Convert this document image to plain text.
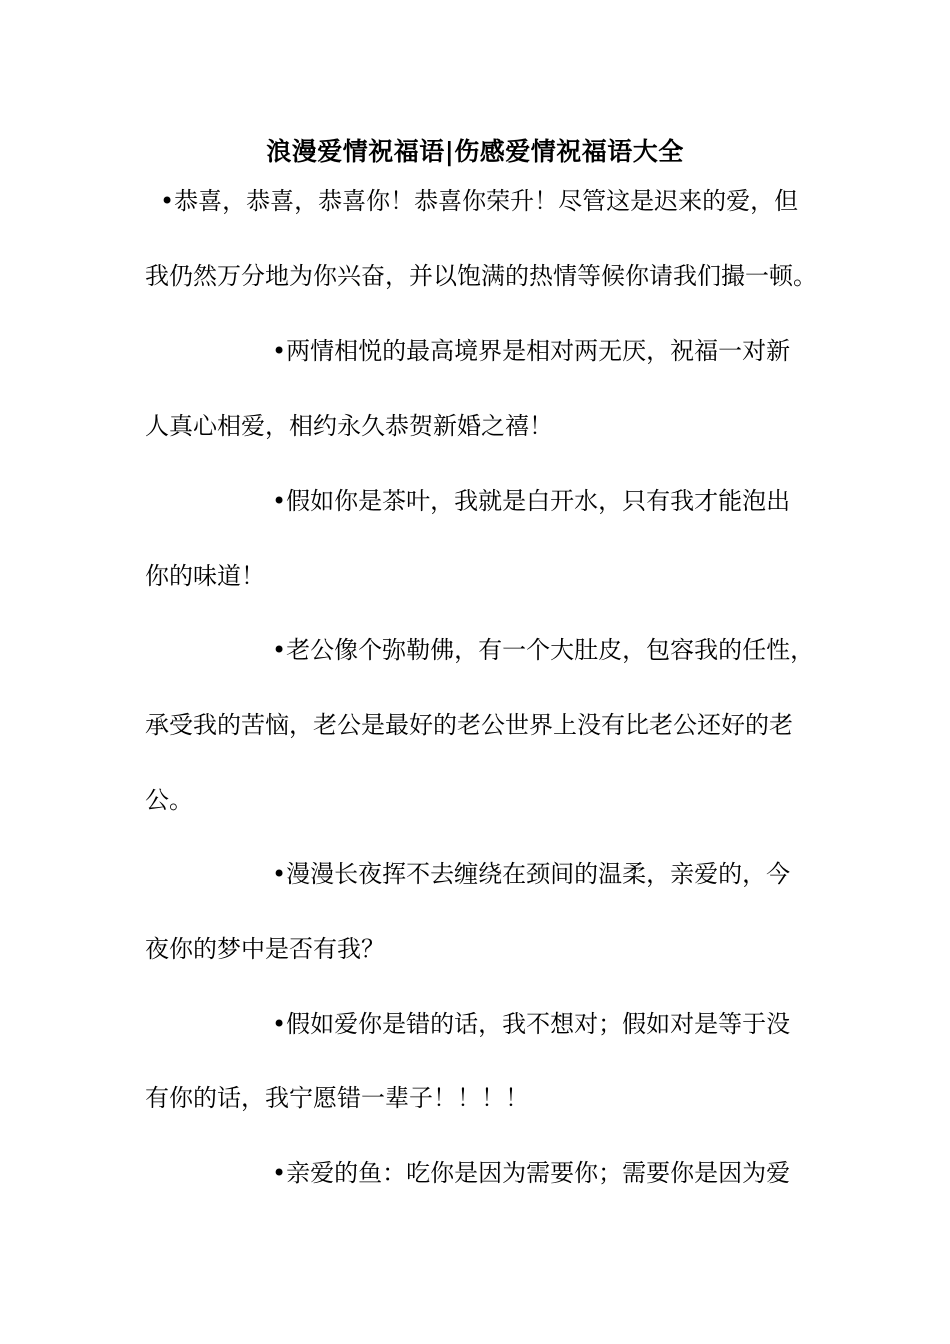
浪漫爱情祝福语|伤感爱情祝福语大全
•恭喜，恭喜，恭喜你！恭喜你荣升！尽管这是迟来的爱，但
我仍然万分地为你兴奋，并以饱满的热情等候你请我们撮一顿。
•两情相悦的最高境界是相对两无厌，祝福一对新
人真心相爱，相约永久恭贺新婚之禧！
•假如你是茶叶，我就是白开水，只有我才能泡出
你的味道！
•老公像个弥勒佛，有一个大肚皮，包容我的任性，
承受我的苦恼，老公是最好的老公世界上没有比老公还好的老
公。
•漫漫长夜挥不去缠绕在颈间的温柔，亲爱的，今
夜你的梦中是否有我？
•假如爱你是错的话，我不想对；假如对是等于没
有你的话，我宁愿错一辈子！！！！
•亲爱的鱼：吃你是因为需要你；需要你是因为爱
